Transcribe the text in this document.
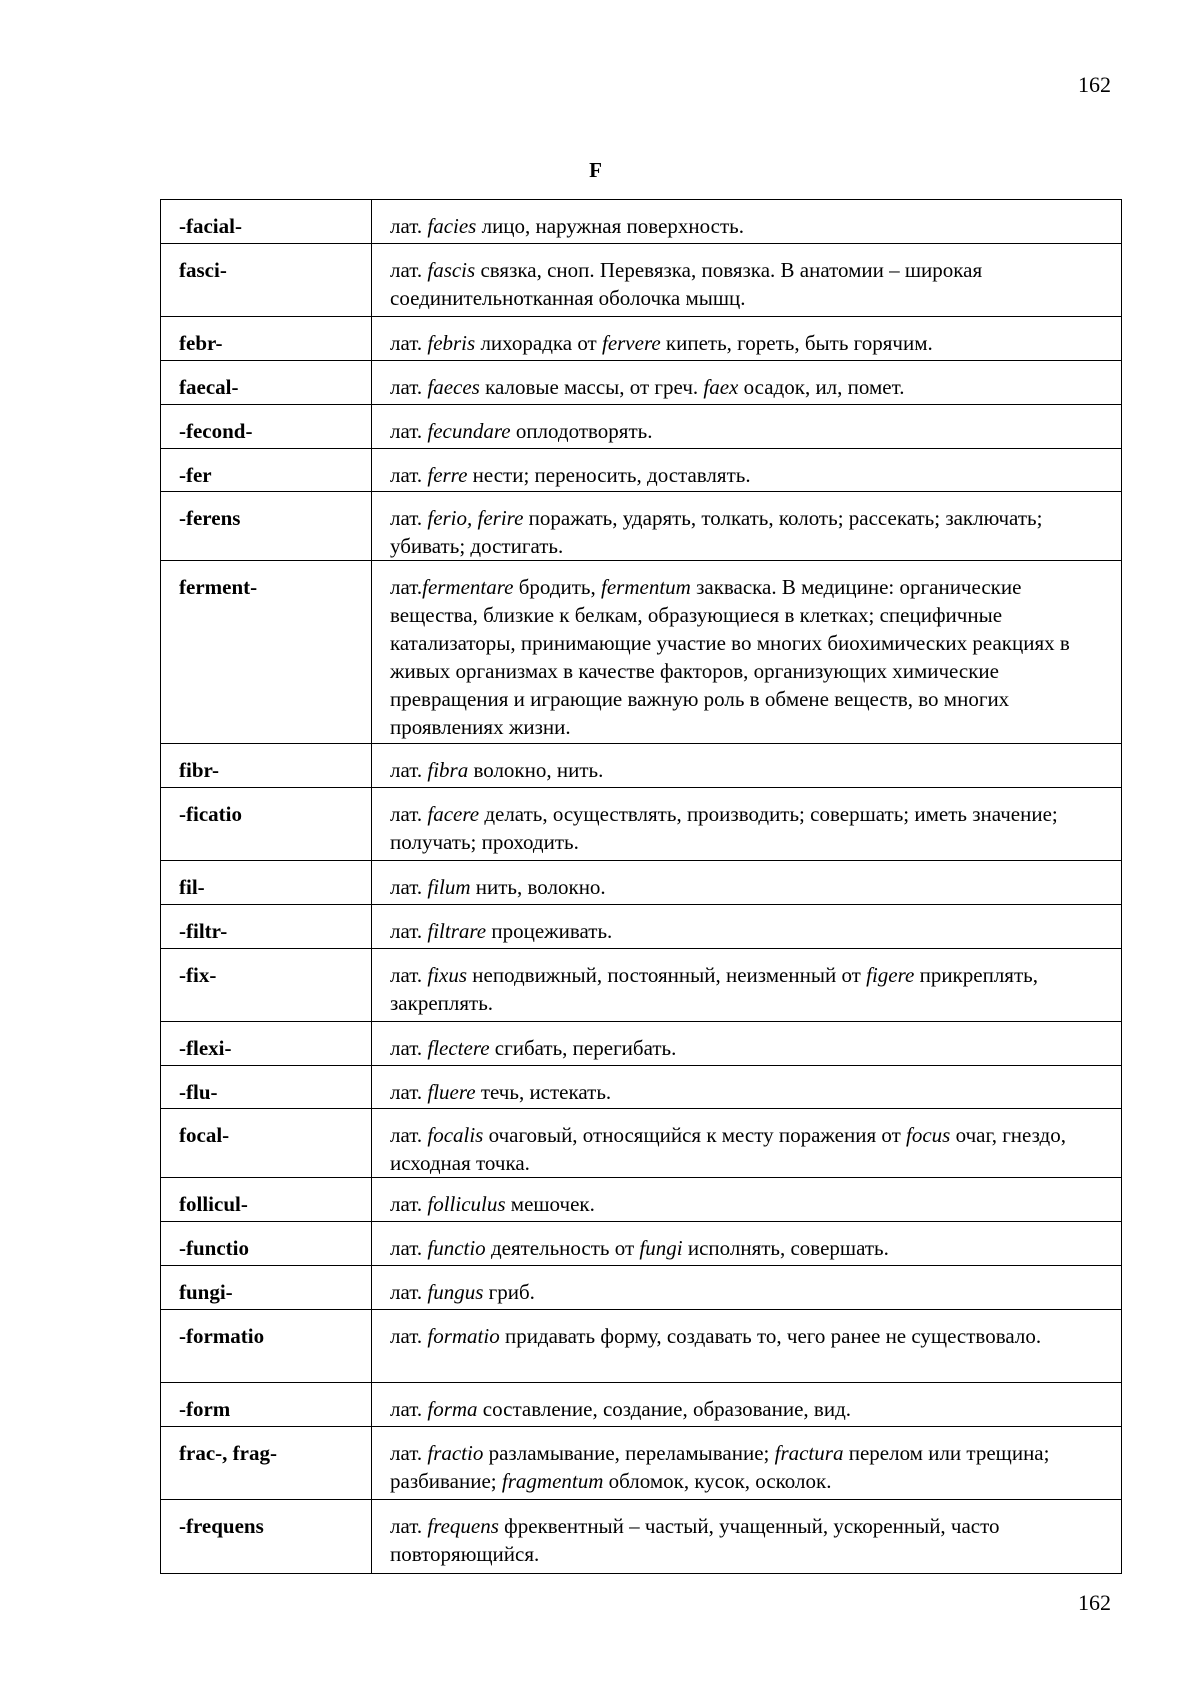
162
F
-facial-	лат. facies лицо, наружная поверхность.
fasci-	лат. fascis связка, сноп. Перевязка, повязка. В анатомии – широкая соединительнотканная оболочка мышц.
febr-	лат. febris лихорадка от fervere кипеть, гореть, быть горячим.
faecal-	лат. faeces каловые массы, от греч. faex осадок, ил, помет.
-fecond-	лат. fecundare оплодотворять.
-fer	лат. ferre нести; переносить, доставлять.
-ferens	лат. ferio, ferire поражать, ударять, толкать, колоть; рассекать; заключать; убивать; достигать.
ferment-	лат.fermentare бродить, fermentum закваска. В медицине: органические вещества, близкие к белкам, образующиеся в клетках; специфичные катализаторы, принимающие участие во многих биохимических реакциях в живых организмах в качестве факторов, организующих химические превращения и играющие важную роль в обмене веществ, во многих проявлениях жизни.
fibr-	лат. fibra волокно, нить.
-ficatio	лат. facere делать, осуществлять, производить; совершать; иметь значение; получать; проходить.
fil-	лат. filum нить, волокно.
-filtr-	лат. filtrare процеживать.
-fix-	лат. fixus неподвижный, постоянный, неизменный от figere прикреплять, закреплять.
-flexi-	лат. flectere сгибать, перегибать.
-flu-	лат. fluere течь, истекать.
focal-	лат. focalis очаговый, относящийся к месту поражения от focus очаг, гнездо, исходная точка.
follicul-	лат. folliculus мешочек.
-functio	лат. functio деятельность от fungi исполнять, совершать.
fungi-	лат. fungus гриб.
-formatio	лат. formatio придавать форму, создавать то, чего ранее не существовало.
-form	лат. forma составление, создание, образование, вид.
frac-, frag-	лат. fractio разламывание, переламывание; fractura перелом или трещина; разбивание; fragmentum обломок, кусок, осколок.
-frequens	лат. frequens фреквентный – частый, учащенный, ускоренный, часто повторяющийся.
162
